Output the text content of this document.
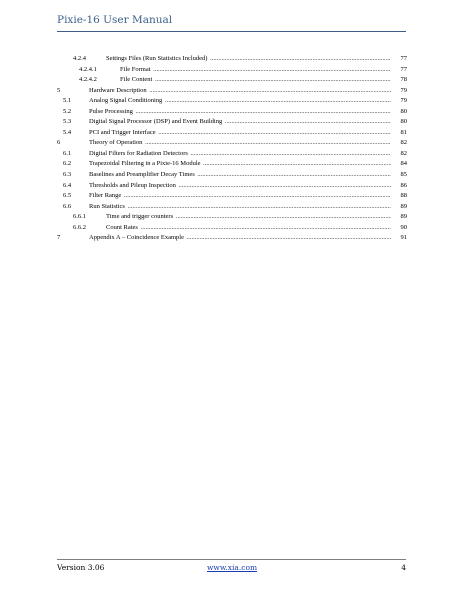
Pixie-16 User Manual
4.2.4	Settings Files (Run Statistics Included) .....	77
4.2.4.1	File Format .....	77
4.2.4.2	File Content .....	78
5	Hardware Description .....	79
5.1	Analog Signal Conditioning .....	79
5.2	Pulse Processing .....	80
5.3	Digital Signal Processor (DSP) and Event Building .....	80
5.4	PCI and Trigger Interface .....	81
6	Theory of Operation .....	82
6.1	Digital Filters for Radiation Detectors .....	82
6.2	Trapezoidal Filtering in a Pixie-16 Module .....	84
6.3	Baselines and Preamplifier Decay Times .....	85
6.4	Thresholds and Pileup Inspection .....	86
6.5	Filter Range .....	88
6.6	Run Statistics .....	89
6.6.1	Time and trigger counters .....	89
6.6.2	Count Rates .....	90
7	Appendix A – Coincidence Example .....	91
Version 3.06	www.xia.com	4
